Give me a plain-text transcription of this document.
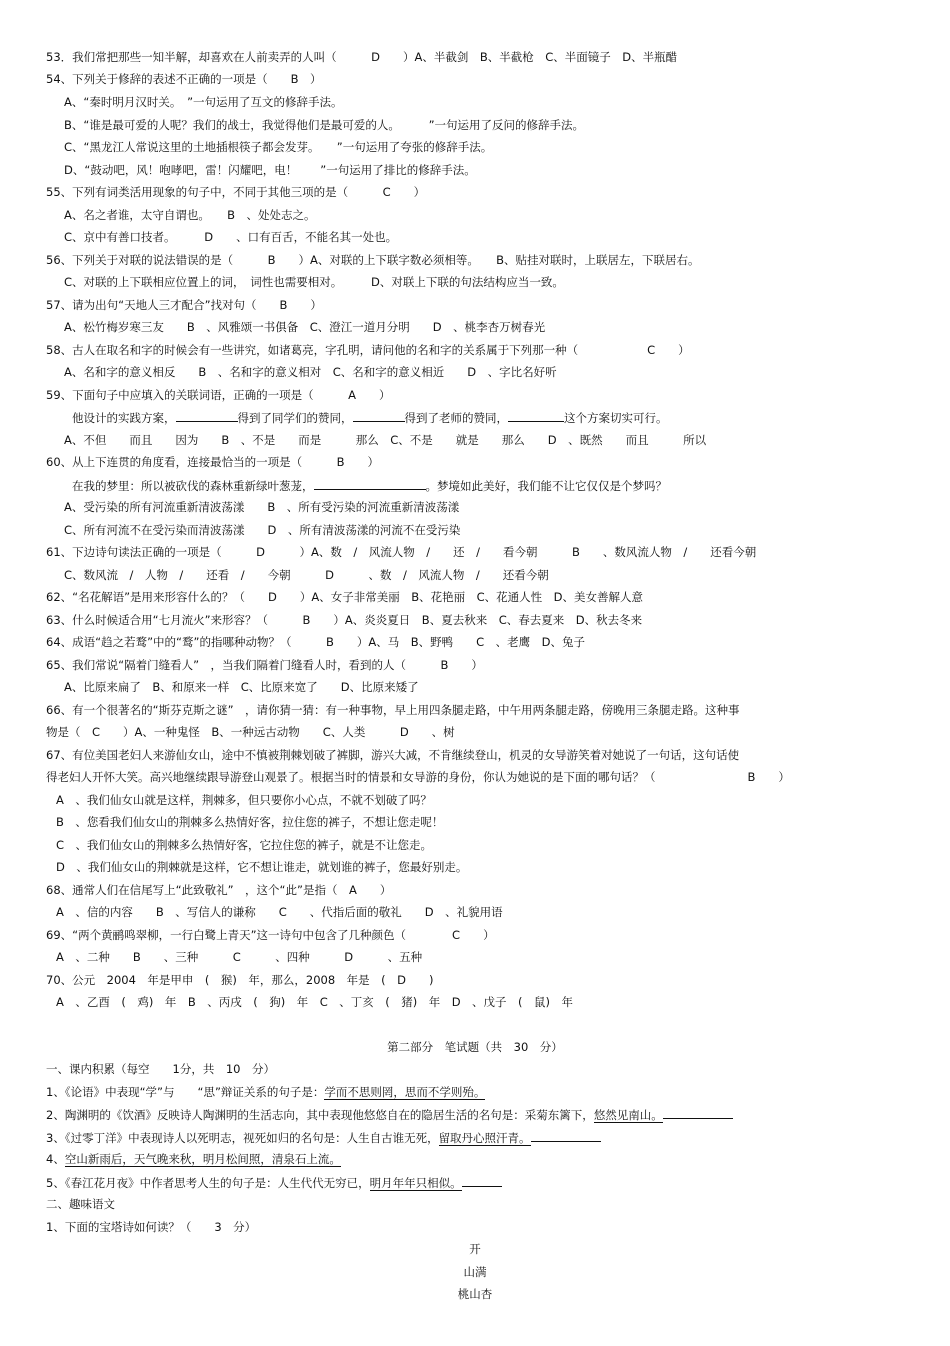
53．我们常把那些一知半解，却喜欢在人前卖弄的人叫（　　　D　　）A、半截剑　B、半截枪　C、半面镜子　D、半瓶醋
54、下列关于修辞的表述不正确的一项是（　　B　）
A、“秦时明月汉时关。　”一句运用了互文的修辞手法。
B、“谁是最可爱的人呢？我们的战士，我觉得他们是最可爱的人。　　　”一句运用了反问的修辞手法。
C、“黑龙江人常说这里的土地插根筷子都会发芽。　　”一句运用了夸张的修辞手法。
D、“鼓动吧，风！咆哮吧，雷！闪耀吧，电！　　”一句运用了排比的修辞手法。
55、下列有词类活用现象的句子中，不同于其他三项的是（　　　C　　）
A、名之者谁，太守自谓也。　　B　、处处志之。
C、京中有善口技者。　　　D　　、口有百舌，不能名其一处也。
56、下列关于对联的说法错误的是（　　　B　　）A、对联的上下联字数必须相等。　　B、贴挂对联时，上联居左，下联居右。
C、对联的上下联相应位置上的词，　词性也需要相对。　　　D、对联上下联的句法结构应当一致。
57、请为出句“天地人三才配合”找对句（　　B　　）
A、松竹梅岁寒三友　　B　、风雅颂一书俱备　C、澄江一道月分明　　D　、桃李杏万树春光
58、古人在取名和字的时候会有一些讲究，如诸葛亮，字孔明，请问他的名和字的关系属于下列那一种（　　　　　　C　　）
A、名和字的意义相反　　B　、名和字的意义相对　C、名和字的意义相近　　D　、字比名好听
59、下面句子中应填入的关联词语，正确的一项是（　　　A　　）
他设计的实践方案，	得到了同学们的赞同，	得到了老师的赞同，	这个方案切实可行。
A、不但　　而且　　因为　　B　、不是　　而是　　　那么　C、不是　　就是　　那么　　D　、既然　　而且　　　所以
60、从上下连贯的角度看，连接最恰当的一项是（　　　B　　）
在我的梦里：所以被砍伐的森林重新绿叶葱茏，	。梦境如此美好，我们能不让它仅仅是个梦吗？
A、受污染的所有河流重新清波荡漾　　B　、所有受污染的河流重新清波荡漾
C、所有河流不在受污染而清波荡漾　　D　、所有清波荡漾的河流不在受污染
61、下边诗句读法正确的一项是（　　　D　　　）A、数　/　风流人物　/　　还　/　　看今朝　　　B　　、数风流人物　/　　还看今朝
C、数风流　/　人物　/　　还看　/　　今朝　　　D　　　、数　/　风流人物　/　　还看今朝
62、“名花解语”是用来形容什么的？（　　D　　）A、女子非常美丽　B、花艳丽　C、花通人性　D、美女善解人意
63、什么时候适合用“七月流火”来形容？（　　　B　　）A、炎炎夏日　B、夏去秋来　C、春去夏来　D、秋去冬来
64、成语“趋之若鹜”中的“鹜”的指哪种动物？（　　　B　　）A、马　B、野鸭　　C　、老鹰　D、兔子
65、我们常说“隔着门缝看人”　，当我们隔着门缝看人时，看到的人（　　　B　　）
A、比原来扁了　B、和原来一样　C、比原来宽了　　D、比原来矮了
66、有一个很著名的“斯芬克斯之谜”　，请你猜一猜：有一种事物，早上用四条腿走路，中午用两条腿走路，傍晚用三条腿走路。这种事
物是（　C　　）A、一种鬼怪　B、一种远古动物　　C、人类　　　D　　、树
67、有位美国老妇人来游仙女山，途中不慎被荆棘划破了裤脚，游兴大减，不肯继续登山，机灵的女导游笑着对她说了一句话，这句话使
得老妇人开怀大笑。高兴地继续跟导游登山观景了。根据当时的情景和女导游的身份，你认为她说的是下面的哪句话？（　　　　　　　　B　　）
A　、我们仙女山就是这样，荆棘多，但只要你小心点，不就不划破了吗？
B　、您看我们仙女山的荆棘多么热情好客，拉住您的裤子，不想让您走呢！
C　、我们仙女山的荆棘多么热情好客，它拉住您的裤子，就是不让您走。
D　、我们仙女山的荆棘就是这样，它不想让谁走，就划谁的裤子，您最好别走。
68、通常人们在信尾写上“此致敬礼”　，这个“此”是指（　A　　）
A　、信的内容　　B　、写信人的谦称　　C　　、代指后面的敬礼　　D　、礼貌用语
69、“两个黄鹂鸣翠柳，一行白鹭上青天”这一诗句中包含了几种颜色（　　　　C　　）
A　、二种　　B　　、三种　　　C　　　、四种　　　D　　　、五种
70、公元　2004　年是甲申　(　猴)　年，那么，2008　年是　(　D　　)
A　、乙酉　(　鸡)　年　B　、丙戌　(　狗)　年　C　、丁亥　(　猪)　年　D　、戊子　(　鼠)　年
第二部分　笔试题（共　30　分）
一、课内积累（每空　　1分，共　10　分）
1、《论语》中表现“学”与　　“思”辩证关系的句子是：学而不思则罔，思而不学则殆。
2、陶渊明的《饮酒》反映诗人陶渊明的生活志向，其中表现他悠悠自在的隐居生活的名句是：采菊东篱下，悠然见南山。
3、《过零丁洋》中表现诗人以死明志，视死如归的名句是：人生自古谁无死，留取丹心照汗青。
4、空山新雨后，天气晚来秋，明月松间照，清泉石上流。
5、《春江花月夜》中作者思考人生的句子是：人生代代无穷已，明月年年只相似。
二、趣味语文
1、下面的宝塔诗如何读？（　　3　分）
开
山满
桃山杏
